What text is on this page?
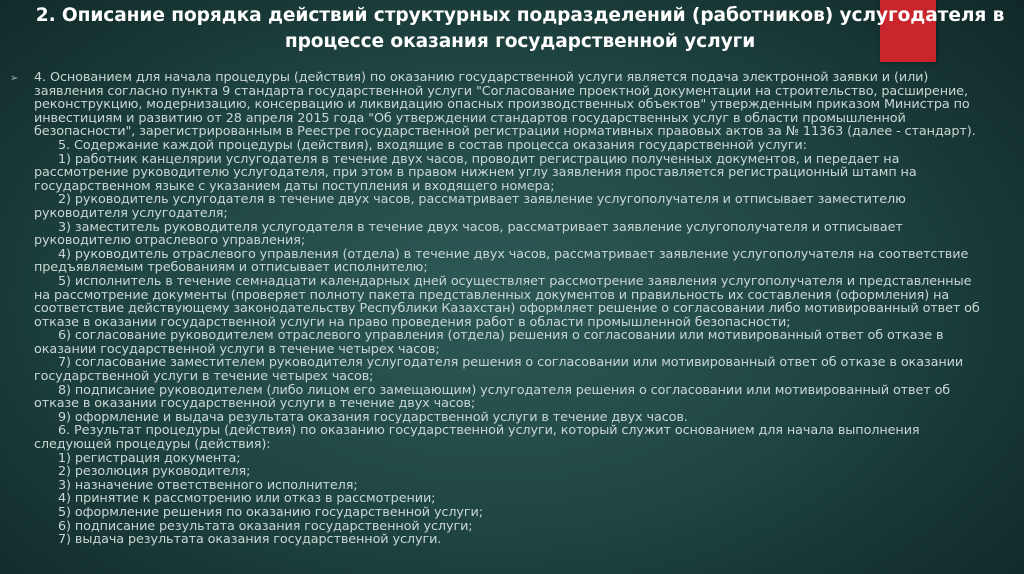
2. Описание порядка действий структурных подразделений (работников) услугодателя в процессе оказания государственной услуги
➢ 4. Основанием для начала процедуры (действия) по оказанию государственной услуги является подача электронной заявки и (или) заявления согласно пункта 9 стандарта государственной услуги "Согласование проектной документации на строительство, расширение, реконструкцию, модернизацию, консервацию и ликвидацию опасных производственных объектов" утвержденным приказом Министра по инвестициям и развитию от 28 апреля 2015 года "Об утверждении стандартов государственных услуг в области промышленной безопасности", зарегистрированным в Реестре государственной регистрации нормативных правовых актов за № 11363 (далее - стандарт).

5. Содержание каждой процедуры (действия), входящие в состав процесса оказания государственной услуги:

1) работник канцелярии услугодателя в течение двух часов, проводит регистрацию полученных документов, и передает на рассмотрение руководителю услугодателя, при этом в правом нижнем углу заявления проставляется регистрационный штамп на государственном языке с указанием даты поступления и входящего номера;

2) руководитель услугодателя в течение двух часов, рассматривает заявление услугополучателя и отписывает заместителю руководителя услугодателя;

3) заместитель руководителя услугодателя в течение двух часов, рассматривает заявление услугополучателя и отписывает руководителю отраслевого управления;

4) руководитель отраслевого управления (отдела) в течение двух часов, рассматривает заявление услугополучателя на соответствие предъявляемым требованиям и отписывает исполнителю;

5) исполнитель в течение семнадцати календарных дней осуществляет рассмотрение заявления услугополучателя и представленные на рассмотрение документы (проверяет полноту пакета представленных документов и правильность их составления (оформления) на соответствие действующему законодательству Республики Казахстан) оформляет решение о согласовании либо мотивированный ответ об отказе в оказании государственной услуги на право проведения работ в области промышленной безопасности;

6) согласование руководителем отраслевого управления (отдела) решения о согласовании или мотивированный ответ об отказе в оказании государственной услуги в течение четырех часов;

7) согласование заместителем руководителя услугодателя решения о согласовании или мотивированный ответ об отказе в оказании государственной услуги в течение четырех часов;

8) подписание руководителем (либо лицом его замещающим) услугодателя решения о согласовании или мотивированный ответ об отказе в оказании государственной услуги в течение двух часов;

9) оформление и выдача результата оказания государственной услуги в течение двух часов.

6. Результат процедуры (действия) по оказанию государственной услуги, который служит основанием для начала выполнения следующей процедуры (действия):

1) регистрация документа;

2) резолюция руководителя;

3) назначение ответственного исполнителя;

4) принятие к рассмотрению или отказ в рассмотрении;

5) оформление решения по оказанию государственной услуги;

6) подписание результата оказания государственной услуги;

7) выдача результата оказания государственной услуги.
